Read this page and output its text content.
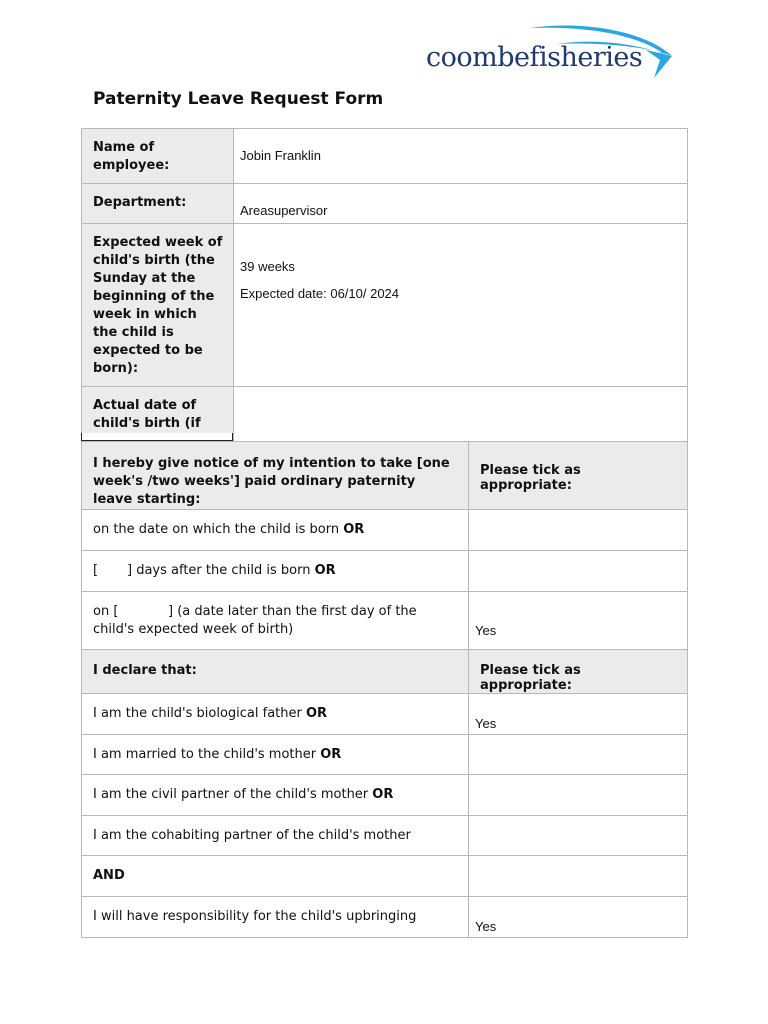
coombefisheries
Paternity Leave Request Form
Name of employee:	Jobin Franklin

Department:	Areasupervisor

Expected week of child's birth (the Sunday at the beginning of the week in which the child is expected to be born):	39 weeks
Expected date: 06/10/ 2024

Actual date of child's birth (if	
I hereby give notice of my intention to take [one week's /two weeks'] paid ordinary paternity leave starting:	Please tick as appropriate:

on the date on which the child is born OR	

[       ] days after the child is born OR	

on [            ] (a date later than the first day of the child's expected week of birth)	Yes

I declare that:	Please tick as appropriate:

I am the child's biological father OR	Yes

I am married to the child's mother OR	

I am the civil partner of the child's mother OR	

I am the cohabiting partner of the child's mother	

AND	

I will have responsibility for the child's upbringing	Yes
